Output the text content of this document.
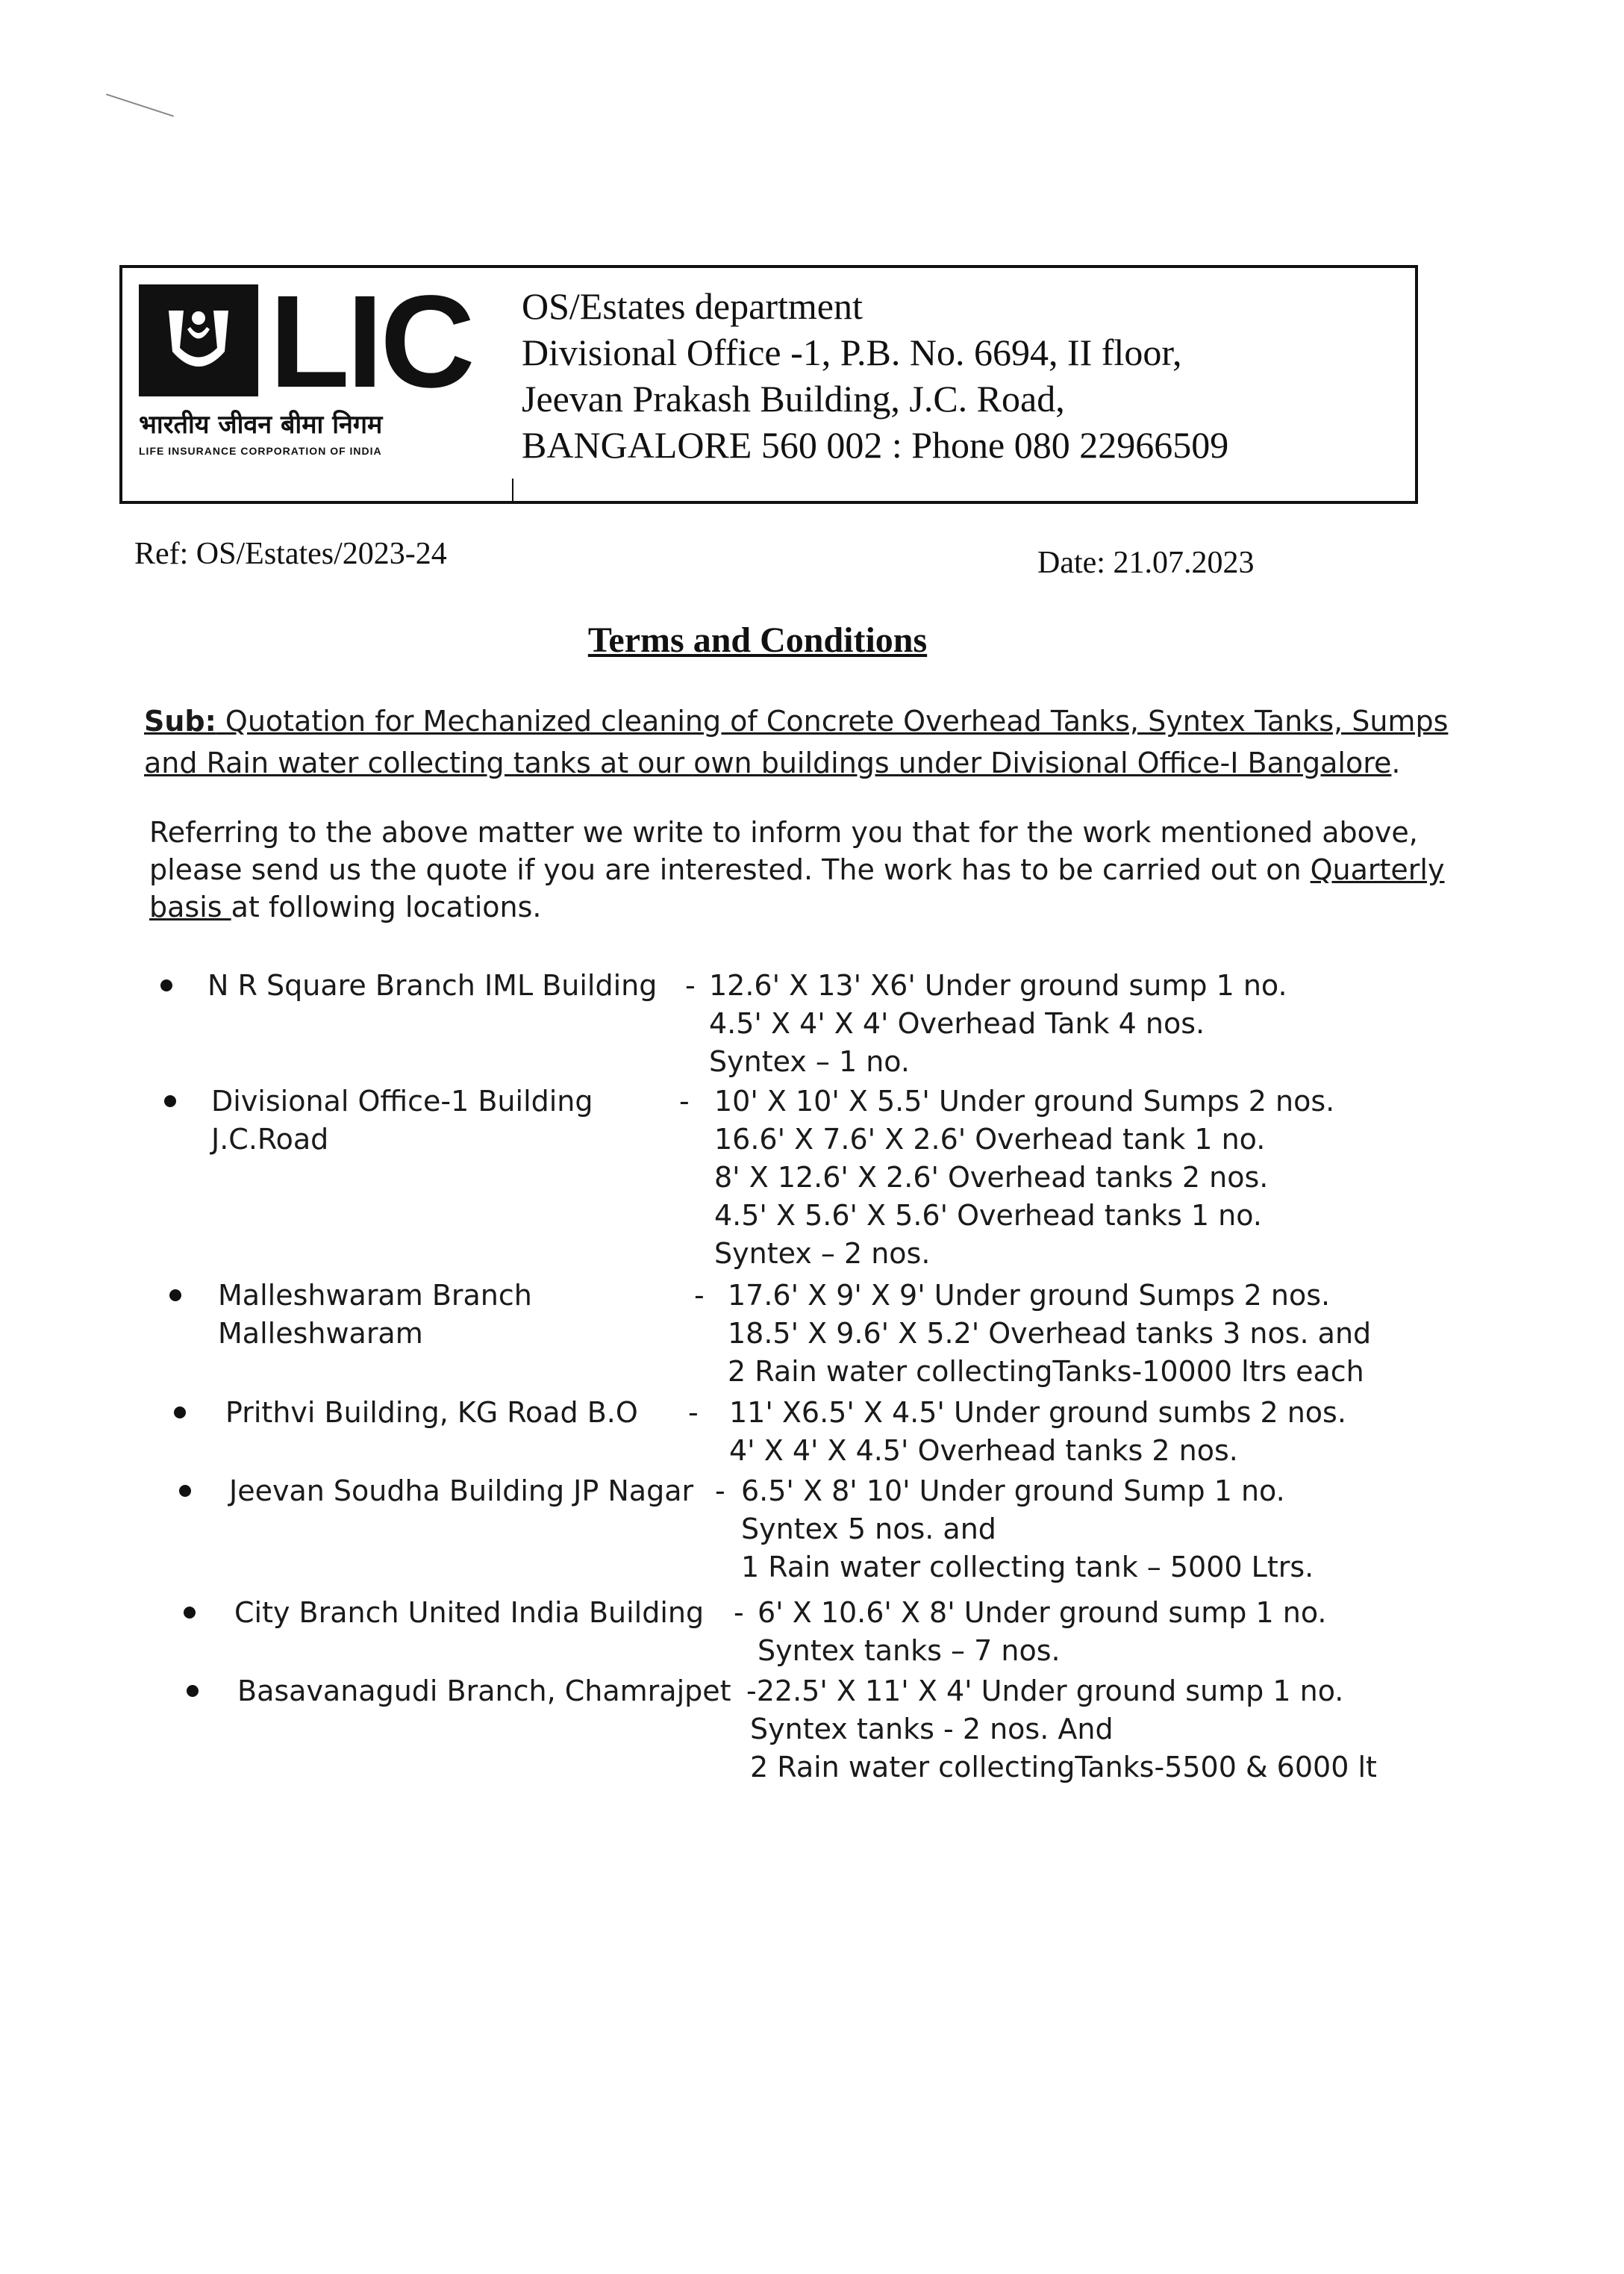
LIC
भारतीय जीवन बीमा निगम
LIFE INSURANCE CORPORATION OF INDIA
OS/Estates department
Divisional Office -1, P.B. No. 6694, II floor,
Jeevan Prakash Building, J.C. Road,
BANGALORE 560 002 : Phone 080 22966509
Ref: OS/Estates/2023-24	Date: 21.07.2023
Terms and Conditions
Sub: Quotation for Mechanized cleaning of Concrete Overhead Tanks, Syntex Tanks, Sumps
and Rain water collecting tanks at our own buildings under Divisional Office-I Bangalore.
Referring to the above matter we write to inform you that for the work mentioned above,
please send us the quote if you are interested. The work has to be carried out on Quarterly
basis at following locations.
N R Square Branch IML Building - 12.6' X 13' X6' Under ground sump 1 no.
4.5' X 4' X 4' Overhead Tank 4 nos.
Syntex – 1 no.
Divisional Office-1 Building
J.C.Road
- 10' X 10' X 5.5' Under ground Sumps 2 nos.
16.6' X 7.6' X 2.6' Overhead tank 1 no.
8' X 12.6' X 2.6' Overhead tanks 2 nos.
4.5' X 5.6' X 5.6' Overhead tanks 1 no.
Syntex – 2 nos.
Malleshwaram Branch
Malleshwaram
- 17.6' X 9' X 9' Under ground Sumps 2 nos.
18.5' X 9.6' X 5.2' Overhead tanks 3 nos. and
2 Rain water collectingTanks-10000 ltrs each
Prithvi Building, KG Road B.O - 11' X6.5' X 4.5' Under ground sumbs 2 nos.
4' X 4' X 4.5' Overhead tanks 2 nos.
Jeevan Soudha Building JP Nagar - 6.5' X 8' 10' Under ground Sump 1 no.
Syntex 5 nos. and
1 Rain water collecting tank – 5000 Ltrs.
City Branch United India Building - 6' X 10.6' X 8' Under ground sump 1 no.
Syntex tanks – 7 nos.
Basavanagudi Branch, Chamrajpet -22.5' X 11' X 4' Under ground sump 1 no.
Syntex tanks - 2 nos. And
2 Rain water collectingTanks-5500 & 6000 lt
